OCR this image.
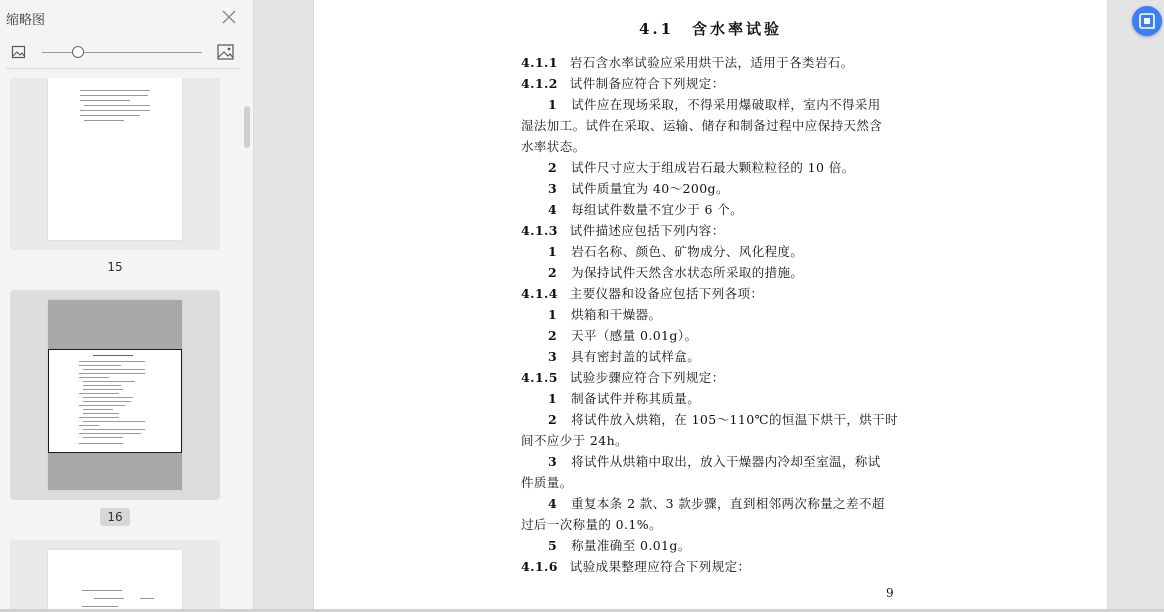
缩略图
15
16
4.1　含水率试验
4.1.1 岩石含水率试验应采用烘干法，适用于各类岩石。
4.1.2 试件制备应符合下列规定：
1 试件应在现场采取，不得采用爆破取样，室内不得采用
湿法加工。试件在采取、运输、储存和制备过程中应保持天然含
水率状态。
2 试件尺寸应大于组成岩石最大颗粒粒径的 10 倍。
3 试件质量宜为 40～200g。
4 每组试件数量不宜少于 6 个。
4.1.3 试件描述应包括下列内容：
1 岩石名称、颜色、矿物成分、风化程度。
2 为保持试件天然含水状态所采取的措施。
4.1.4 主要仪器和设备应包括下列各项：
1 烘箱和干燥器。
2 天平（感量 0.01g）。
3 具有密封盖的试样盒。
4.1.5 试验步骤应符合下列规定：
1 制备试件并称其质量。
2 将试件放入烘箱，在 105～110℃的恒温下烘干，烘干时
间不应少于 24h。
3 将试件从烘箱中取出，放入干燥器内冷却至室温，称试
件质量。
4 重复本条 2 款、3 款步骤，直到相邻两次称量之差不超
过后一次称量的 0.1%。
5 称量准确至 0.01g。
4.1.6 试验成果整理应符合下列规定：
9
